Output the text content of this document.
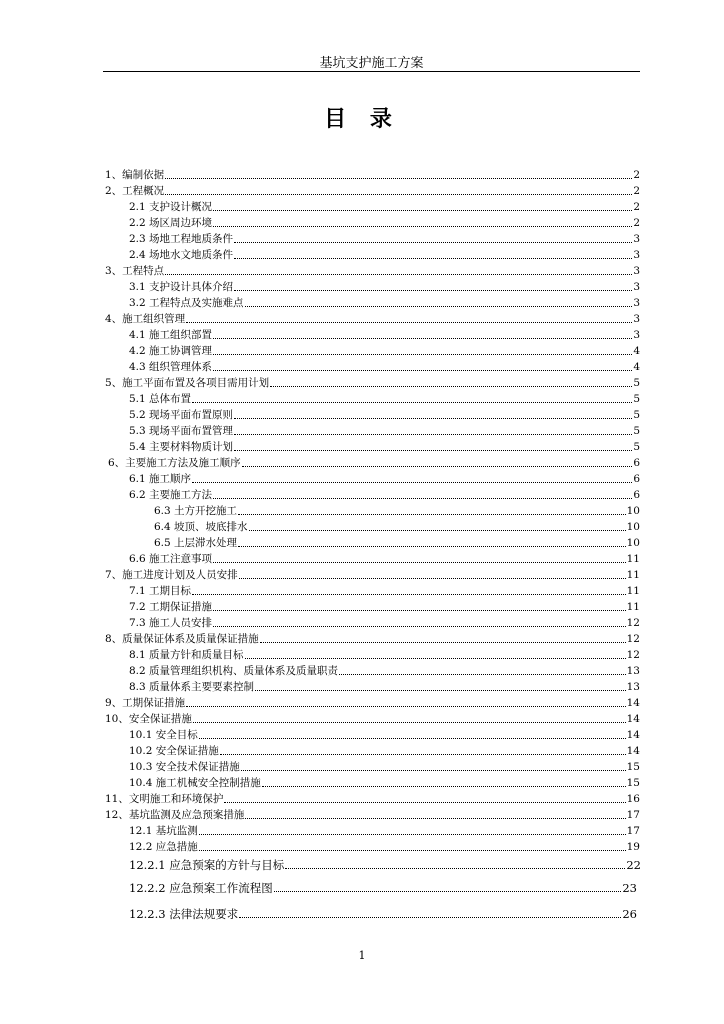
基坑支护施工方案
目 录
1、编制依据	2
2、工程概况	2
2.1 支护设计概况	2
2.2 场区周边环境	2
2.3 场地工程地质条件	3
2.4 场地水文地质条件	3
3、工程特点	3
3.1 支护设计具体介绍	3
3.2 工程特点及实施难点	3
4、施工组织管理	3
4.1 施工组织部置	3
4.2 施工协调管理	4
4.3 组织管理体系	4
5、施工平面布置及各项目需用计划	5
5.1 总体布置	5
5.2 现场平面布置原则	5
5.3 现场平面布置管理	5
5.4 主要材料物质计划	5
6、主要施工方法及施工顺序	6
6.1 施工顺序	6
6.2 主要施工方法	6
6.3 土方开挖施工	10
6.4 坡顶、坡底排水	10
6.5 上层滞水处理	10
6.6 施工注意事项	11
7、施工进度计划及人员安排	11
7.1 工期目标	11
7.2 工期保证措施	11
7.3 施工人员安排	12
8、质量保证体系及质量保证措施	12
8.1 质量方针和质量目标	12
8.2 质量管理组织机构、质量体系及质量职责	13
8.3 质量体系主要要素控制	13
9、工期保证措施	14
10、安全保证措施	14
10.1 安全目标	14
10.2 安全保证措施	14
10.3 安全技术保证措施	15
10.4 施工机械安全控制措施	15
11、文明施工和环境保护	16
12、基坑监测及应急预案措施	17
12.1 基坑监测	17
12.2 应急措施	19
12.2.1 应急预案的方针与目标	22
12.2.2 应急预案工作流程图	23
12.2.3 法律法规要求	26
1
